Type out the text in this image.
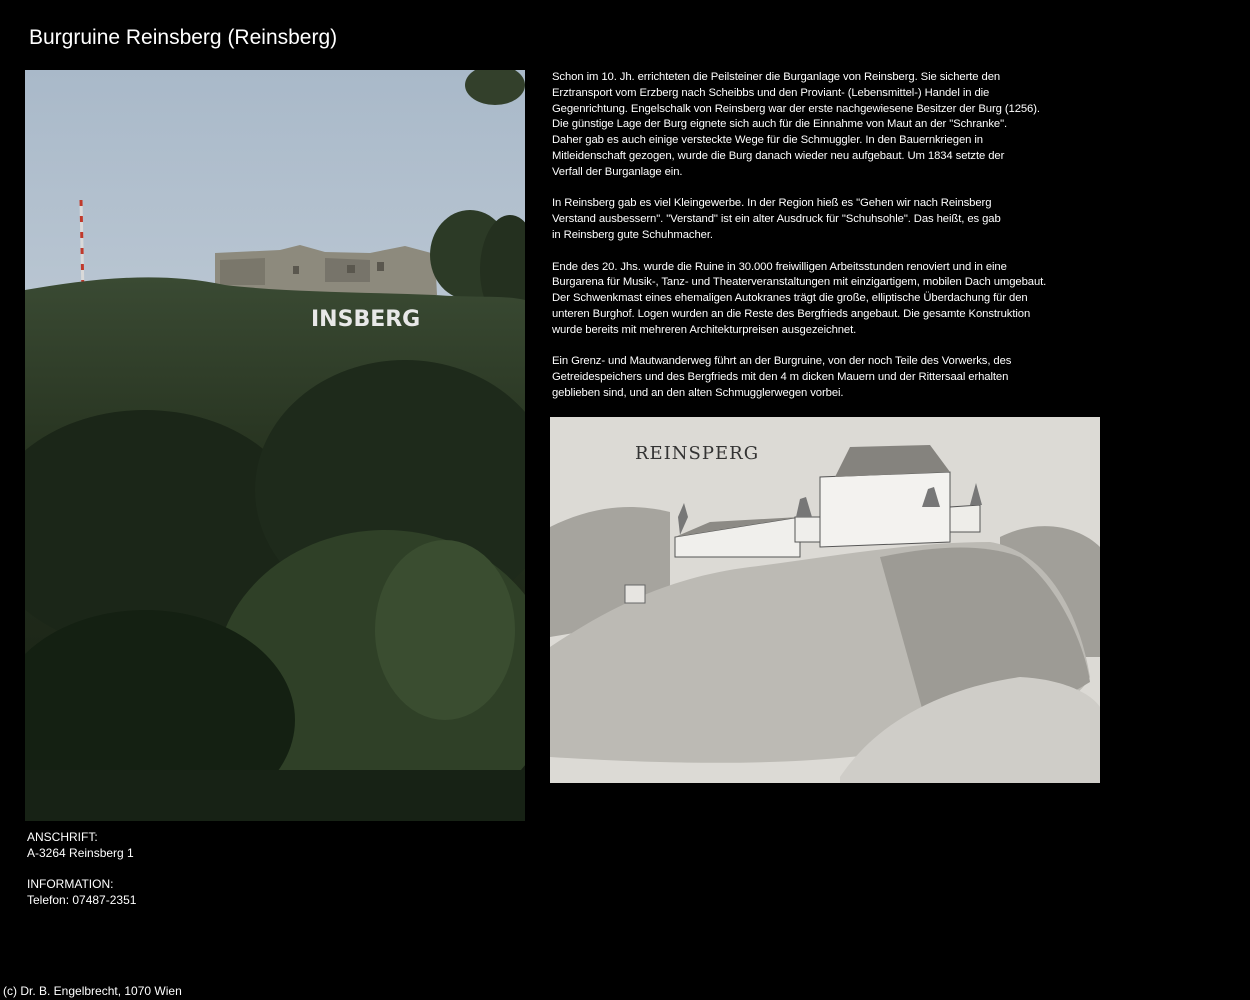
Burgruine Reinsberg (Reinsberg)
INSBERG

Schon im 10. Jh. errichteten die Peilsteiner die Burganlage von Reinsberg. Sie sicherte den
Erztransport vom Erzberg nach Scheibbs und den Proviant- (Lebensmittel-) Handel in die
Gegenrichtung. Engelschalk von Reinsberg war der erste nachgewiesene Besitzer der Burg (1256).
Die günstige Lage der Burg eignete sich auch für die Einnahme von Maut an der "Schranke".
Daher gab es auch einige versteckte Wege für die Schmuggler. In den Bauernkriegen in
Mitleidenschaft gezogen, wurde die Burg danach wieder neu aufgebaut. Um 1834 setzte der
Verfall der Burganlage ein.

In Reinsberg gab es viel Kleingewerbe. In der Region hieß es "Gehen wir nach Reinsberg
Verstand ausbessern". "Verstand" ist ein alter Ausdruck für "Schuhsohle". Das heißt, es gab
in Reinsberg gute Schuhmacher.

Ende des 20. Jhs. wurde die Ruine in 30.000 freiwilligen Arbeitsstunden renoviert und in eine
Burgarena für Musik-, Tanz- und Theaterveranstaltungen mit einzigartigem, mobilen Dach umgebaut.
Der Schwenkmast eines ehemaligen Autokranes trägt die große, elliptische Überdachung für den
unteren Burghof. Logen wurden an die Reste des Bergfrieds angebaut. Die gesamte Konstruktion
wurde bereits mit mehreren Architekturpreisen ausgezeichnet.

Ein Grenz- und Mautwanderweg führt an der Burgruine, von der noch Teile des Vorwerks, des
Getreidespeichers und des Bergfrieds mit den 4 m dicken Mauern und der Rittersaal erhalten
geblieben sind, und an den alten Schmugglerwegen vorbei.

REINSPERG
ANSCHRIFT:
A-3264 Reinsberg 1
INFORMATION:
Telefon: 07487-2351
(c) Dr. B. Engelbrecht, 1070 Wien
